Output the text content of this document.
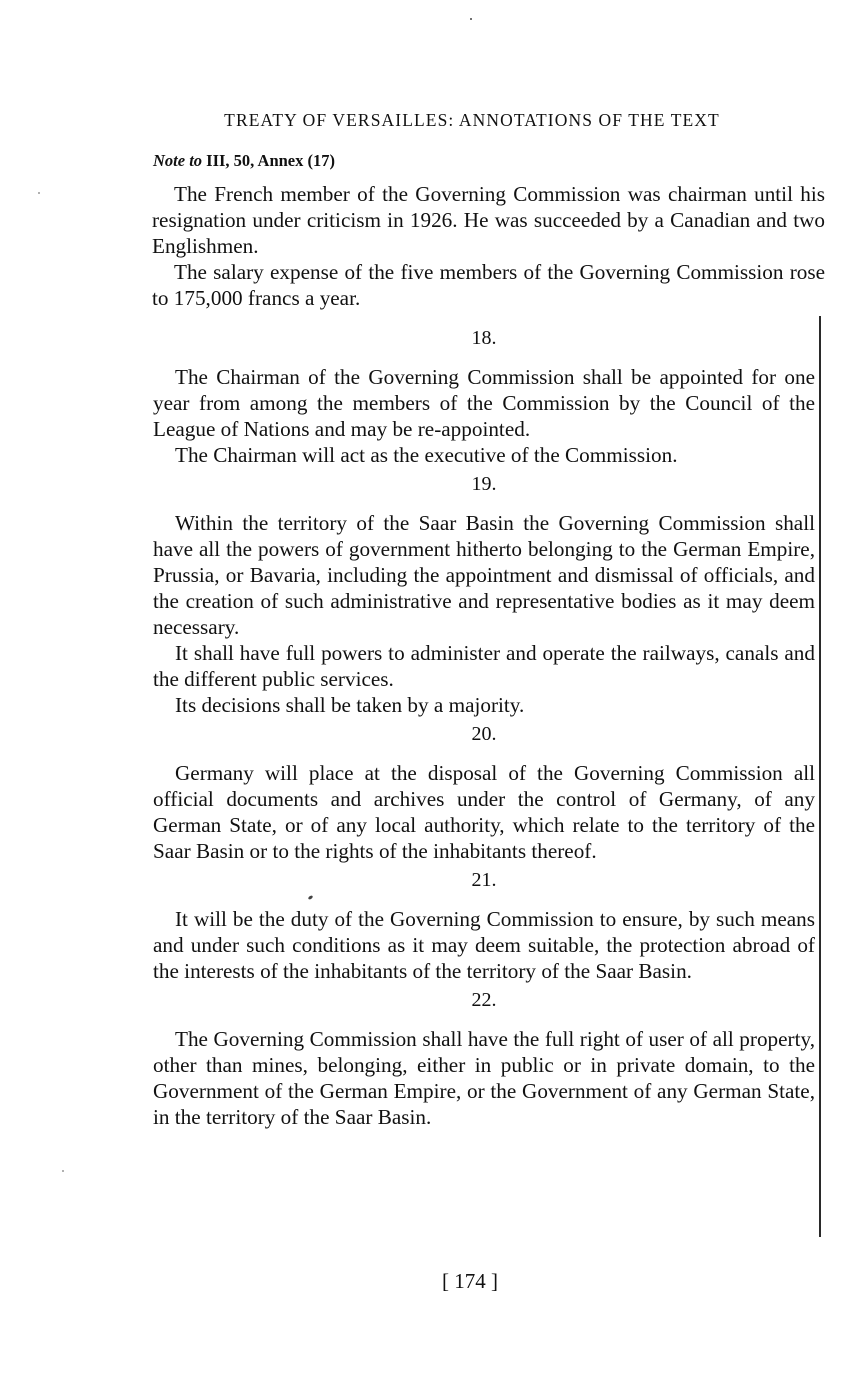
TREATY OF VERSAILLES: ANNOTATIONS OF THE TEXT
Note to III, 50, Annex (17)

The French member of the Governing Commission was chairman until his resignation under criticism in 1926. He was succeeded by a Canadian and two Englishmen.

The salary expense of the five members of the Governing Commission rose to 175,000 francs a year.

18.

The Chairman of the Governing Commission shall be appointed for one year from among the members of the Commission by the Council of the League of Nations and may be re-appointed.

The Chairman will act as the executive of the Commission.

19.

Within the territory of the Saar Basin the Governing Commission shall have all the powers of government hitherto belonging to the German Empire, Prussia, or Bavaria, including the appointment and dismissal of officials, and the creation of such administrative and representative bodies as it may deem necessary.

It shall have full powers to administer and operate the railways, canals and the different public services.

Its decisions shall be taken by a majority.

20.

Germany will place at the disposal of the Governing Commission all official documents and archives under the control of Germany, of any German State, or of any local authority, which relate to the territory of the Saar Basin or to the rights of the inhabitants thereof.

21.

It will be the duty of the Governing Commission to ensure, by such means and under such conditions as it may deem suitable, the protection abroad of the interests of the inhabitants of the territory of the Saar Basin.

22.

The Governing Commission shall have the full right of user of all property, other than mines, belonging, either in public or in private domain, to the Government of the German Empire, or the Government of any German State, in the territory of the Saar Basin.

[ 174 ]
